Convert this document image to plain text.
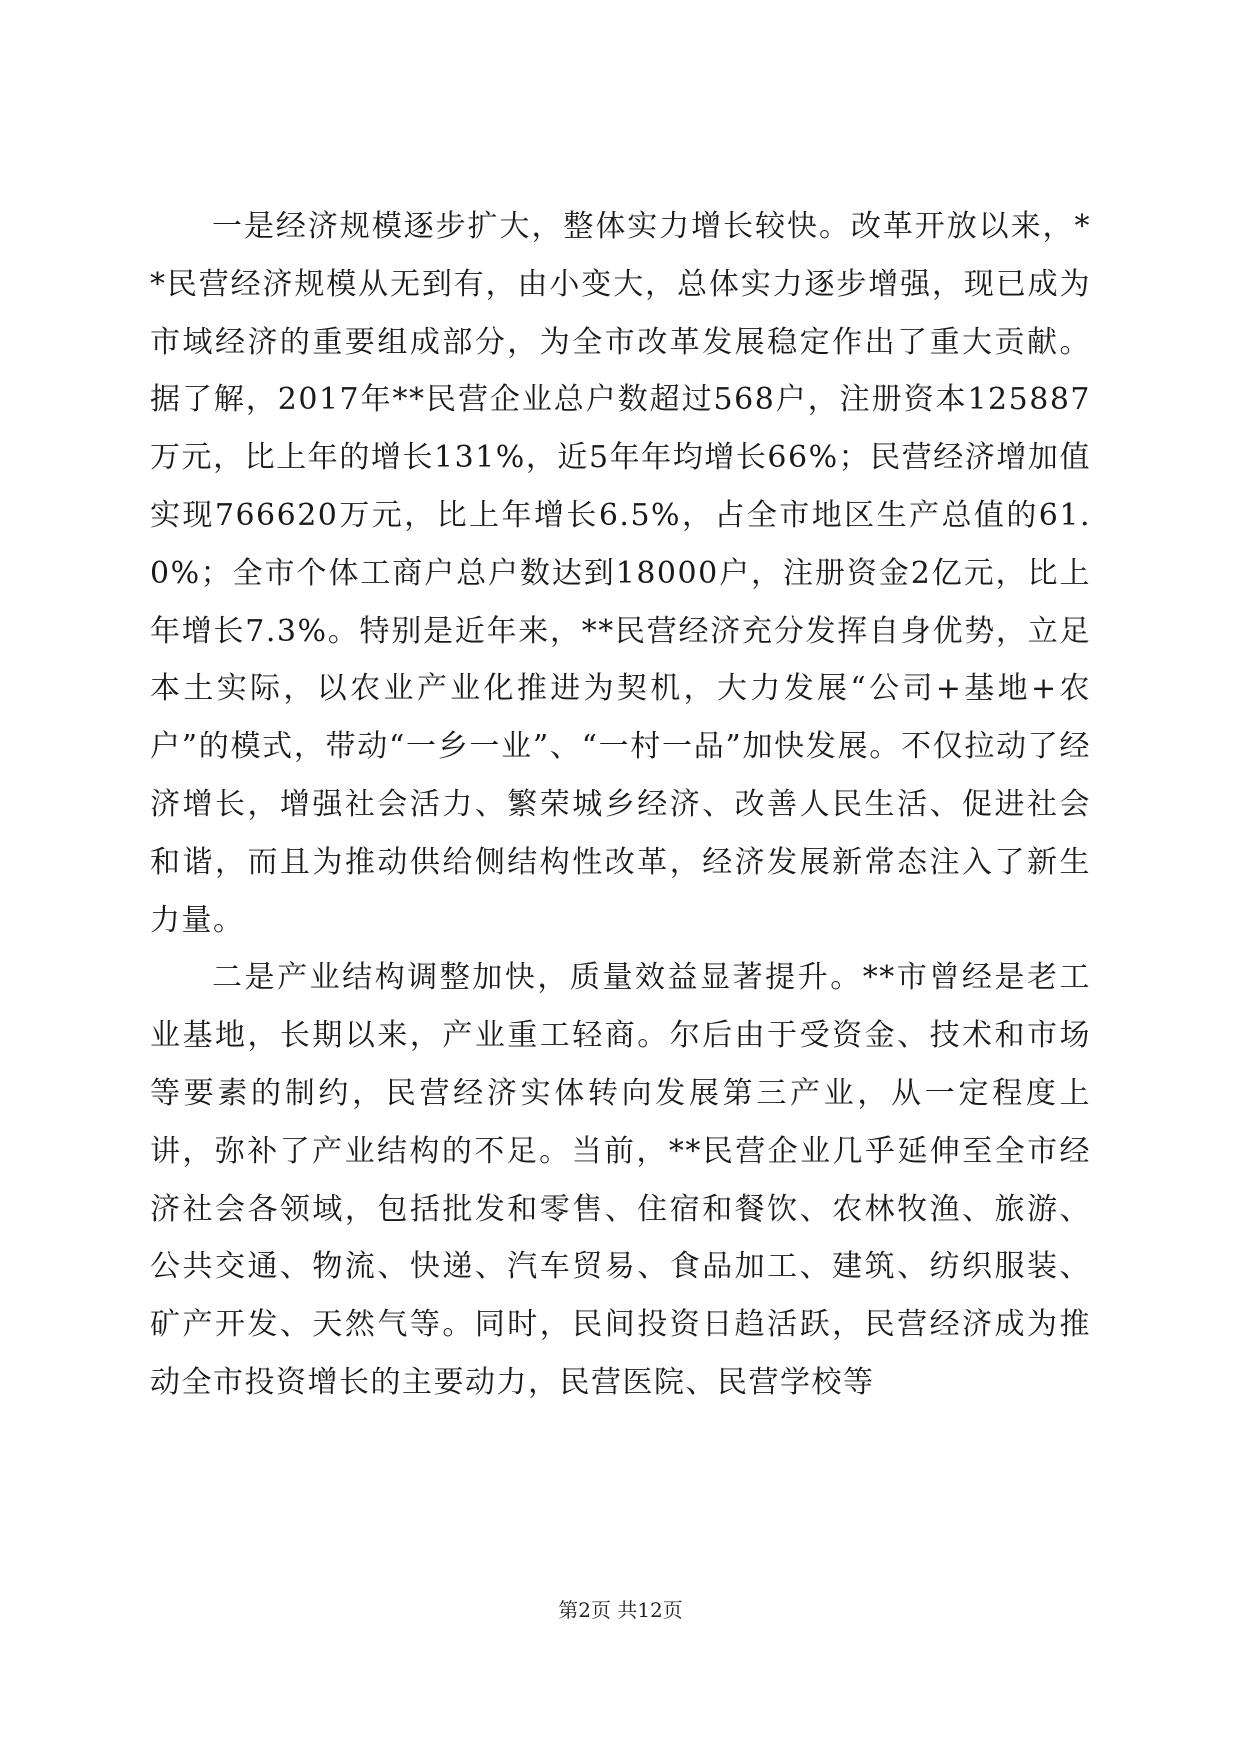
一是经济规模逐步扩大，整体实力增长较快。改革开放以来，**民营经济规模从无到有，由小变大，总体实力逐步增强，现已成为市域经济的重要组成部分，为全市改革发展稳定作出了重大贡献。据了解，2017年**民营企业总户数超过568户，注册资本125887万元，比上年的增长131%，近5年年均增长66%；民营经济增加值实现766620万元，比上年增长6.5%，占全市地区生产总值的61.0%；全市个体工商户总户数达到18000户，注册资金2亿元，比上年增长7.3%。特别是近年来，**民营经济充分发挥自身优势，立足本土实际，以农业产业化推进为契机，大力发展“公司+基地+农户”的模式，带动“一乡一业”、“一村一品”加快发展。不仅拉动了经济增长，增强社会活力、繁荣城乡经济、改善人民生活、促进社会和谐，而且为推动供给侧结构性改革，经济发展新常态注入了新生力量。

二是产业结构调整加快，质量效益显著提升。**市曾经是老工业基地，长期以来，产业重工轻商。尔后由于受资金、技术和市场等要素的制约，民营经济实体转向发展第三产业，从一定程度上讲，弥补了产业结构的不足。当前，**民营企业几乎延伸至全市经济社会各领域，包括批发和零售、住宿和餐饮、农林牧渔、旅游、公共交通、物流、快递、汽车贸易、食品加工、建筑、纺织服装、矿产开发、天然气等。同时，民间投资日趋活跃，民营经济成为推动全市投资增长的主要动力，民营医院、民营学校等

第2页 共12页
